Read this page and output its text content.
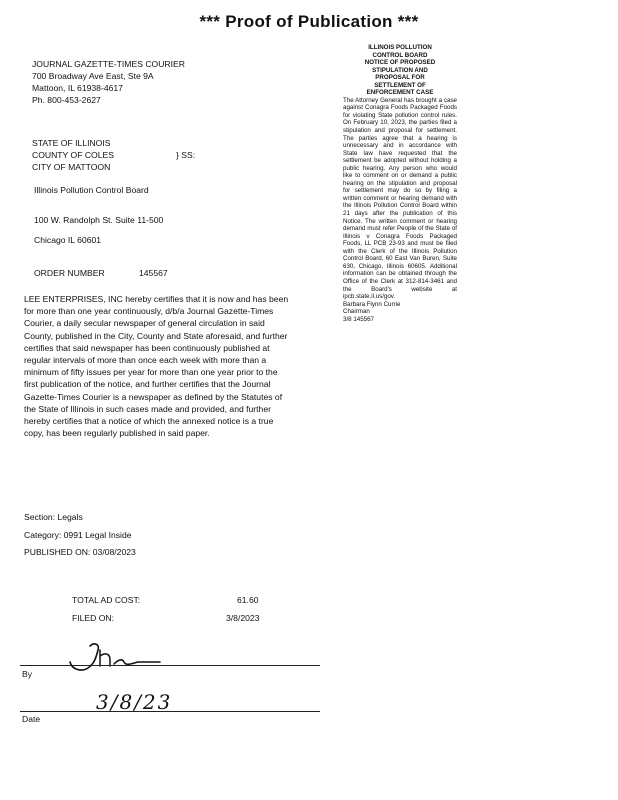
*** Proof of Publication ***
JOURNAL GAZETTE-TIMES COURIER
700 Broadway Ave East, Ste 9A
Mattoon, IL 61938-4617
Ph. 800-453-2627
STATE OF ILLINOIS
COUNTY OF COLES
CITY OF MATTOON
} SS:
Illinois Pollution Control Board
100 W. Randolph St. Suite 11-500
Chicago IL 60601
ORDER NUMBER	145567
LEE ENTERPRISES, INC hereby certifies that it is now and has been
for more than one year continuously, d/b/a Journal Gazette-Times
Courier, a daily secular newspaper of general circulation in said
County, published in the City, County and State aforesaid, and further
certifies that said newspaper has been continuously published at
regular intervals of more than once each week with more than a
minimum of fifty issues per year for more than one year prior to the
first publication of the notice, and further certifies that the Journal
Gazette-Times Courier is a newspaper as defined by the Statutes of
the State of Illinois in such cases made and provided, and further
hereby certifies that a notice of which the annexed notice is a true
copy, has been regularly published in said paper.
ILLINOIS POLLUTION
CONTROL BOARD
NOTICE OF PROPOSED
STIPULATION AND
PROPOSAL FOR
SETTLEMENT OF
ENFORCEMENT CASE
The Attorney General has brought a case against Conagra Foods Packaged Foods for violating State pollution control rules. On February 10, 2023, the parties filed a stipulation and proposal for settlement. The parties agree that a hearing is unnecessary and in accordance with State law have requested that the settlement be adopted without holding a public hearing. Any person who would like to comment on or demand a public hearing on the stipulation and proposal for settlement may do so by filing a written comment or hearing demand with the Illinois Pollution Control Board within 21 days after the publication of this Notice. The written comment or hearing demand must refer People of the State of Illinois v Conagra Foods Packaged Foods, LL PCB 23-93 and must be filed with the Clerk of the Illinois Pollution Control Board, 60 East Van Buren, Suite 630, Chicago, Illinois 60605. Additional information can be obtained through the Office of the Clerk at 312-814-3461 and the Board's website at ipcb.state.il.us/gov.
Barbara Flynn Currie
Chairman
3/8 145567
Section: Legals
Category: 0991 Legal Inside
PUBLISHED ON: 03/08/2023
TOTAL AD COST:	61.60
FILED ON:	3/8/2023
By
3/8/23
Date
